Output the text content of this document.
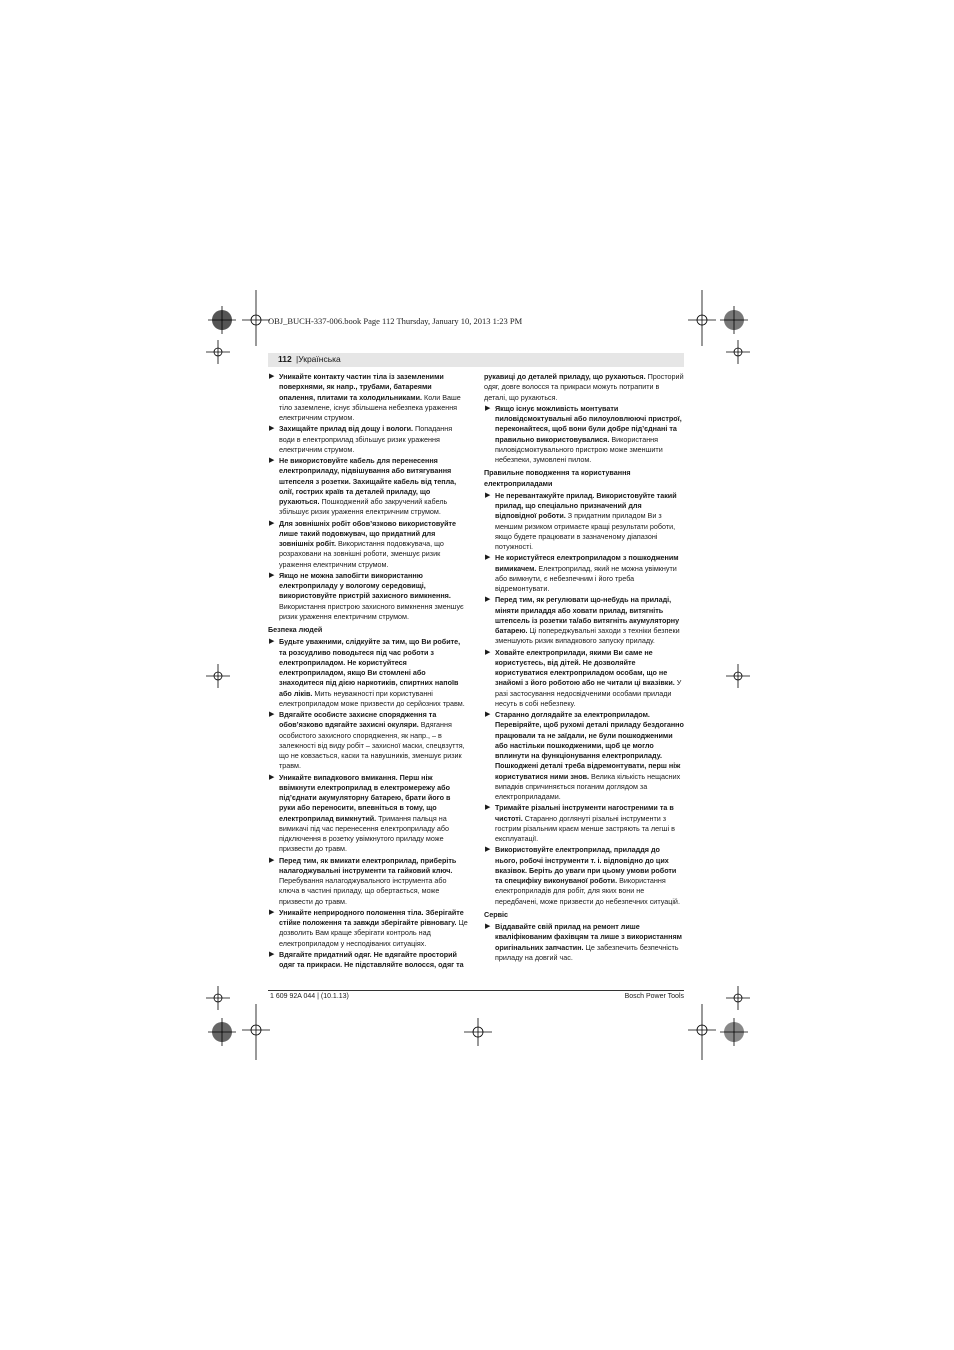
OBJ_BUCH-337-006.book Page 112 Thursday, January 10, 2013 1:23 PM
112 |Українська
▶ Уникайте контакту частин тіла із заземленими поверхнями, як напр., трубами, батареями опалення, плитами та холодильниками. Коли Ваше тіло заземлене, існує збільшена небезпека ураження електричним струмом.
▶ Захищайте прилад від дощу і вологи. Попадання води в електроприлад збільшує ризик ураження електричним струмом.
▶ Не використовуйте кабель для перенесення електроприладу, підвішування або витягування штепселя з розетки. Захищайте кабель від тепла, олії, гострих країв та деталей приладу, що рухаються. Пошкоджений або закручений кабель збільшує ризик ураження електричним струмом.
▶ Для зовнішніх робіт обов’язково використовуйте лише такий подовжувач, що придатний для зовнішніх робіт. Використання подовжувача, що розраховани на зовнішні роботи, зменшує ризик ураження електричним струмом.
▶ Якщо не можна запобігти використанню електроприладу у вологому середовищі, використовуйте пристрій захисного вимкнення. Використання пристрою захисного вимкнення зменшує ризик ураження електричним струмом.
Безпека людей
▶ Будьте уважними, слідкуйте за тим, що Ви робите, та розсудливо поводьтеся під час роботи з електроприладом. Не користуйтеся електроприладом, якщо Ви стомлені або знаходитеся під дією наркотиків, спиртних напоїв або ліків. Мить неуважності при користуванні електроприладом може призвести до серйозних травм.
▶ Вдягайте особисте захисне спорядження та обов’язково вдягайте захисні окуляри. Вдягання особистого захисного спорядження, як напр., – в залежності від виду робіт – захисної маски, спецвзуття, що не ковзається, каски та навушників, зменшує ризик травм.
▶ Уникайте випадкового вмикання. Перш ніж ввімкнути електроприлад в електромережу або під’єднати акумуляторну батарею, брати його в руки або переносити, впевніться в тому, що електроприлад вимкнутий. Тримання пальця на вимикачі під час перенесення електроприладу або підключення в розетку увімкнутого приладу може призвести до травм.
▶ Перед тим, як вмикати електроприлад, приберіть налагоджувальні інструменти та гайковий ключ. Перебування налагоджувального інструмента або ключа в частині приладу, що обертається, може призвести до травм.
▶ Уникайте неприродного положення тіла. Зберігайте стійке положення та завжди зберігайте рівновагу. Це дозволить Вам краще зберігати контроль над електроприладом у несподіваних ситуаціях.
▶ Вдягайте придатний одяг. Не вдягайте просторий одяг та прикраси. Не підставляйте волосся, одяг та
рукавиці до деталей приладу, що рухаються. Просторий одяг, довге волосся та прикраси можуть потрапити в деталі, що рухаються.
▶ Якщо існує можливість монтувати пиловідсмоктувальні або пилоуловлюючі пристрої, переконайтеся, щоб вони були добре під’єднані та правильно використовувалися. Використання пиловідсмоктувального пристрою може зменшити небезпеки, зумовлені пилом.
Правильне поводження та користування електроприладами
▶ Не перевантажуйте прилад. Використовуйте такий прилад, що спеціально призначений для відповідної роботи. З придатним приладом Ви з меншим ризиком отримаєте кращі результати роботи, якщо будете працювати в зазначеному діапазоні потужності.
▶ Не користуйтеся електроприладом з пошкодженим вимикачем. Електроприлад, який не можна увімкнути або вимкнути, є небезпечним і його треба відремонтувати.
▶ Перед тим, як регулювати що-небудь на приладі, міняти приладдя або ховати прилад, витягніть штепсель із розетки та/або витягніть акумуляторну батарею. Ці попереджувальні заходи з техніки безпеки зменшують ризик випадкового запуску приладу.
▶ Ховайте електроприлади, якими Ви саме не користуєтесь, від дітей. Не дозволяйте користуватися електроприладом особам, що не знайомі з його роботою або не читали ці вказівки. У разі застосування недосвідченими особами прилади несуть в собі небезпеку.
▶ Старанно доглядайте за електроприладом. Перевіряйте, щоб рухомі деталі приладу бездоганно працювали та не заїдали, не були пошкодженими або настільки пошкодженими, щоб це могло вплинути на функціонування електроприладу. Пошкоджені деталі треба відремонтувати, перш ніж користуватися ними знов. Велика кількість нещасних випадків спричиняється поганим доглядом за електроприладами.
▶ Тримайте різальні інструменти нагостреними та в чистоті. Старанно доглянуті різальні інструменти з гострим різальним краєм менше застряють та легші в експлуатації.
▶ Використовуйте електроприлад, приладдя до нього, робочі інструменти т. і. відповідно до цих вказівок. Беріть до уваги при цьому умови роботи та специфіку виконуваної роботи. Використання електроприладів для робіт, для яких вони не передбачені, може призвести до небезпечних ситуацій.
Сервіс
▶ Віддавайте свій прилад на ремонт лише кваліфікованим фахівцям та лише з використанням оригінальних запчастин. Це забезпечить безпечність приладу на довгий час.
1 609 92A 044 | (10.1.13)	Bosch Power Tools
